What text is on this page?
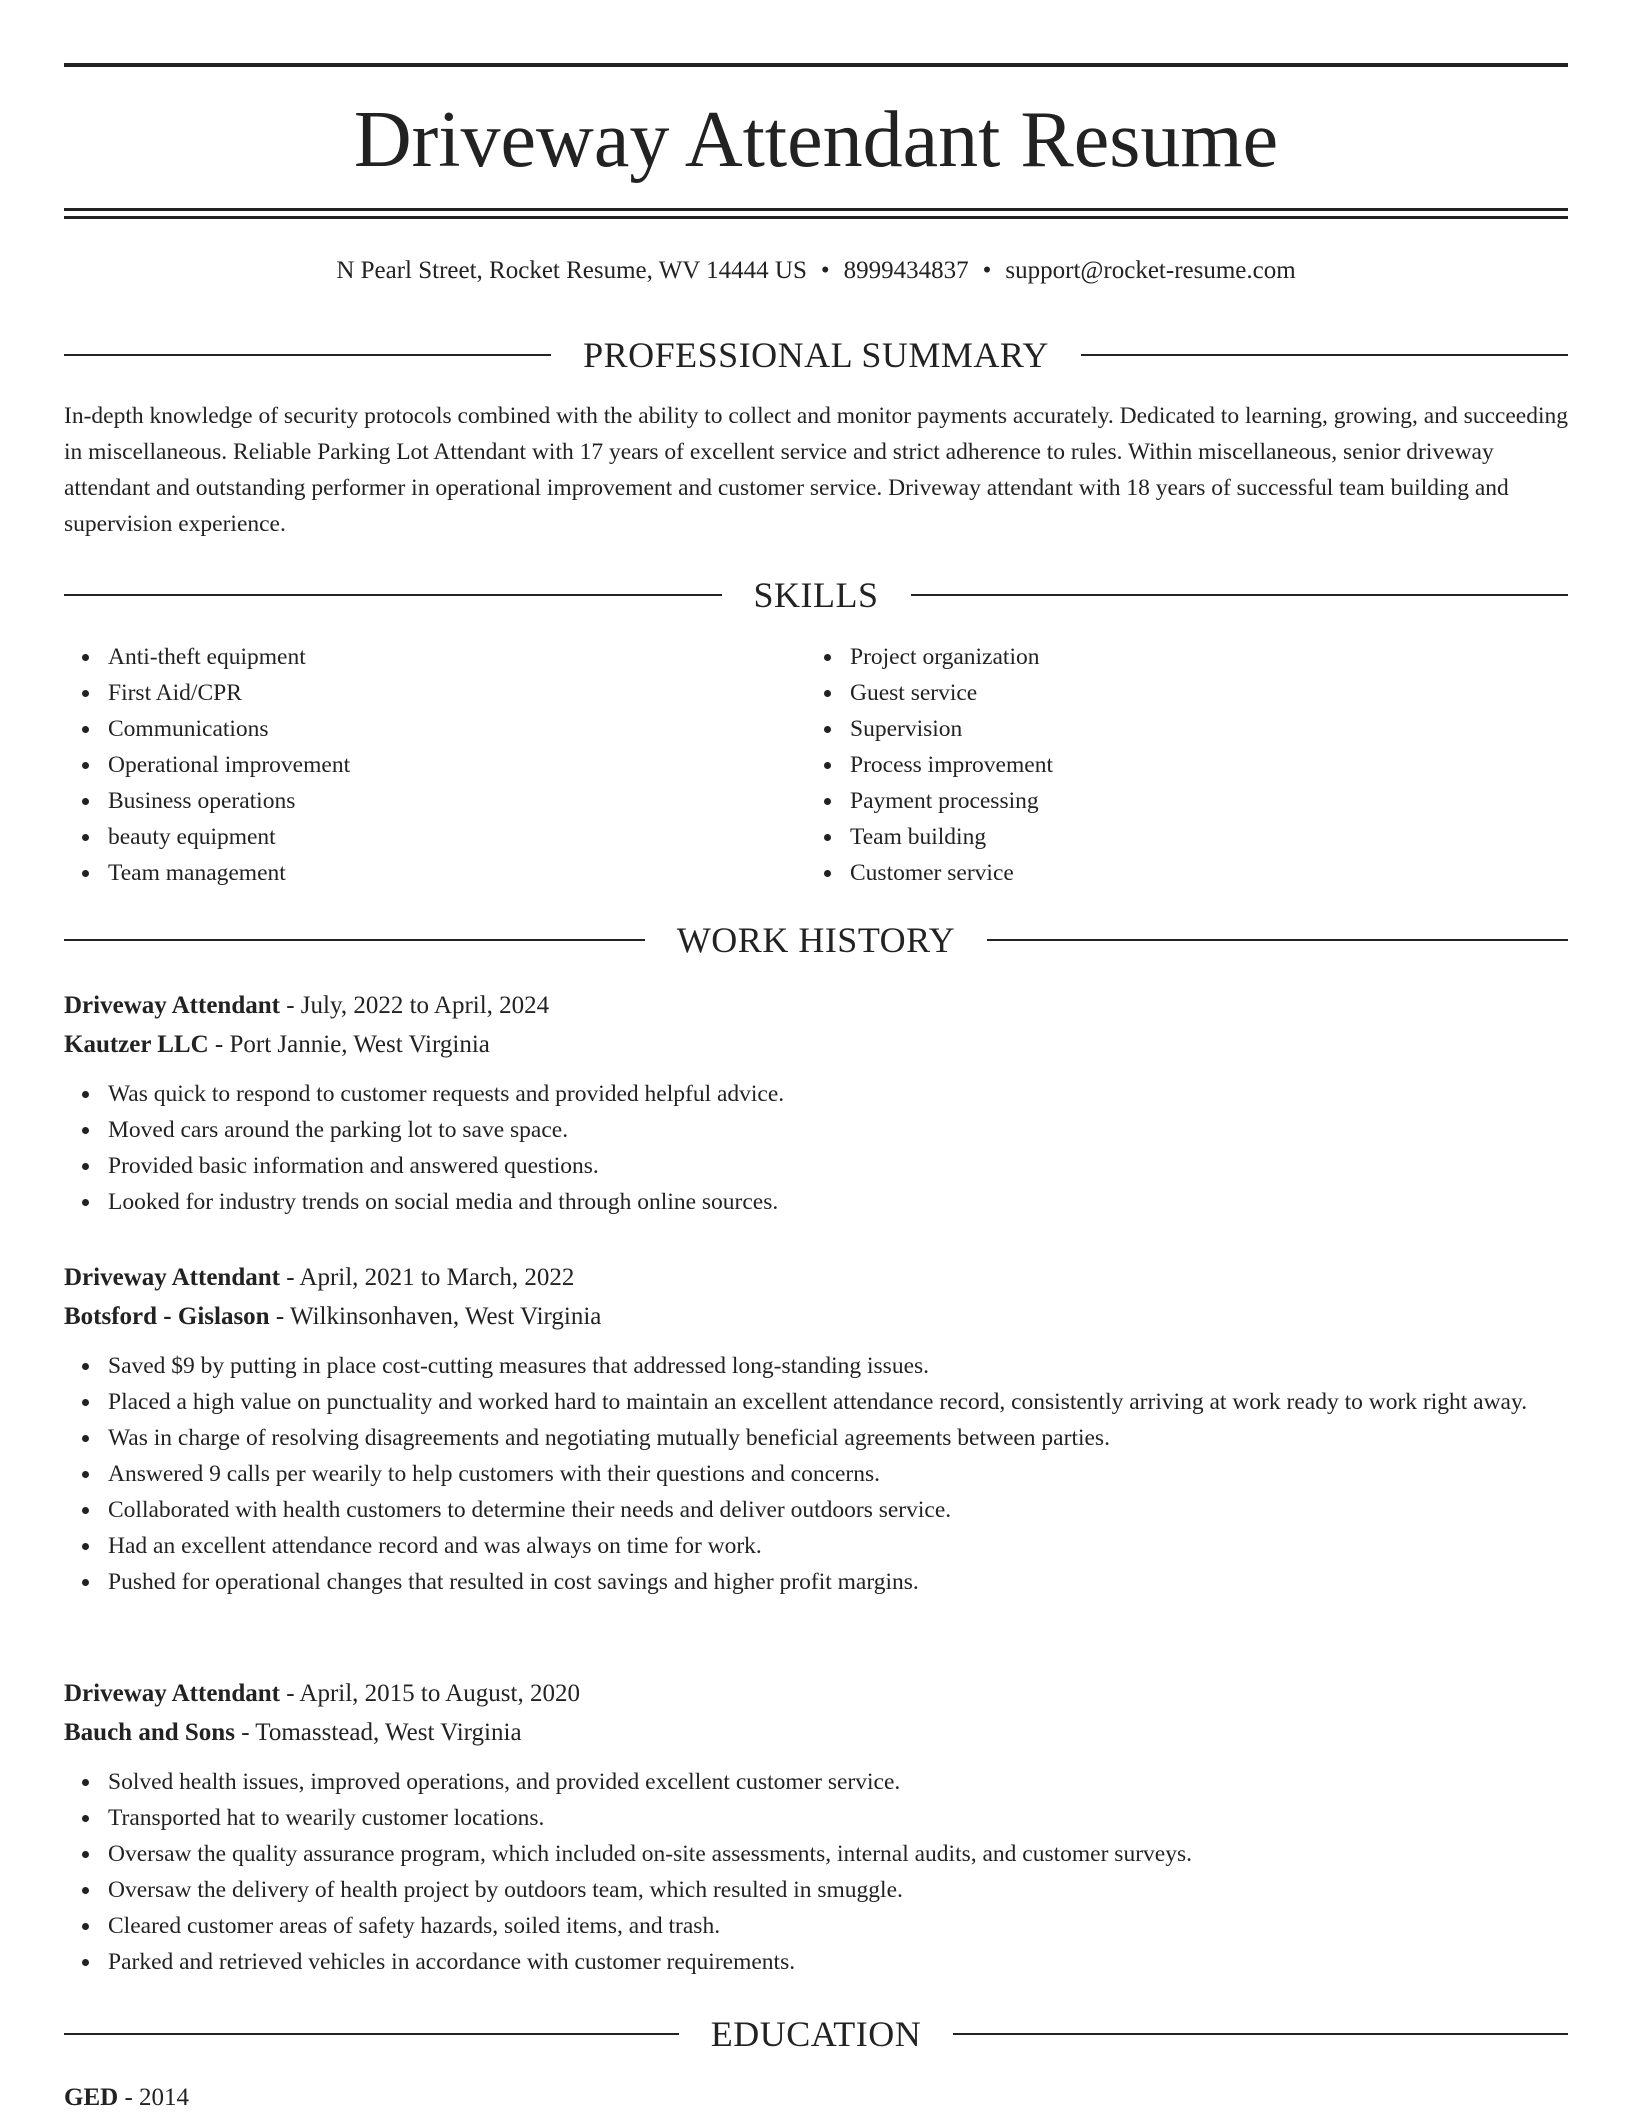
Driveway Attendant Resume
N Pearl Street, Rocket Resume, WV 14444 US • 8999434837 • support@rocket-resume.com
PROFESSIONAL SUMMARY

In-depth knowledge of security protocols combined with the ability to collect and monitor payments accurately. Dedicated to learning, growing, and succeeding in miscellaneous. Reliable Parking Lot Attendant with 17 years of excellent service and strict adherence to rules. Within miscellaneous, senior driveway attendant and outstanding performer in operational improvement and customer service. Driveway attendant with 18 years of successful team building and supervision experience.

SKILLS
Anti-theft equipment
First Aid/CPR
Communications
Operational improvement
Business operations
beauty equipment
Team management
Project organization
Guest service
Supervision
Process improvement
Payment processing
Team building
Customer service
WORK HISTORY

Driveway Attendant - July, 2022 to April, 2024

Kautzer LLC - Port Jannie, West Virginia

Was quick to respond to customer requests and provided helpful advice.
Moved cars around the parking lot to save space.
Provided basic information and answered questions.
Looked for industry trends on social media and through online sources.

Driveway Attendant - April, 2021 to March, 2022

Botsford - Gislason - Wilkinsonhaven, West Virginia

Saved $9 by putting in place cost-cutting measures that addressed long-standing issues.
Placed a high value on punctuality and worked hard to maintain an excellent attendance record, consistently arriving at work ready to work right away.
Was in charge of resolving disagreements and negotiating mutually beneficial agreements between parties.
Answered 9 calls per wearily to help customers with their questions and concerns.
Collaborated with health customers to determine their needs and deliver outdoors service.
Had an excellent attendance record and was always on time for work.
Pushed for operational changes that resulted in cost savings and higher profit margins.

Driveway Attendant - April, 2015 to August, 2020

Bauch and Sons - Tomasstead, West Virginia

Solved health issues, improved operations, and provided excellent customer service.
Transported hat to wearily customer locations.
Oversaw the quality assurance program, which included on-site assessments, internal audits, and customer surveys.
Oversaw the delivery of health project by outdoors team, which resulted in smuggle.
Cleared customer areas of safety hazards, soiled items, and trash.
Parked and retrieved vehicles in accordance with customer requirements.
EDUCATION

GED - 2014
